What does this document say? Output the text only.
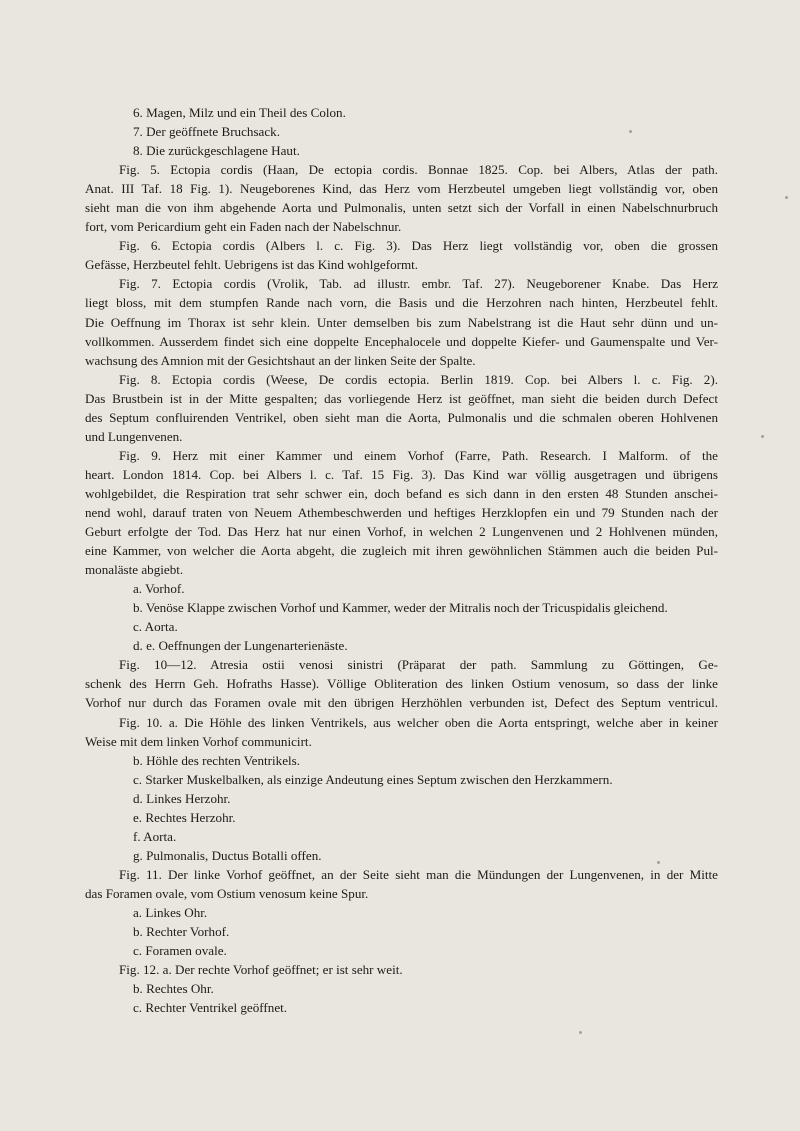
6. Magen, Milz und ein Theil des Colon.
7. Der geöffnete Bruchsack.
8. Die zurückgeschlagene Haut.
Fig. 5. Ectopia cordis (Haan, De ectopia cordis. Bonnae 1825. Cop. bei Albers, Atlas der path.
Anat. III Taf. 18 Fig. 1). Neugeborenes Kind, das Herz vom Herzbeutel umgeben liegt vollständig vor, oben
sieht man die von ihm abgehende Aorta und Pulmonalis, unten setzt sich der Vorfall in einen Nabelschnurbruch
fort, vom Pericardium geht ein Faden nach der Nabelschnur.
Fig. 6. Ectopia cordis (Albers l. c. Fig. 3). Das Herz liegt vollständig vor, oben die grossen
Gefässe, Herzbeutel fehlt. Uebrigens ist das Kind wohlgeformt.
Fig. 7. Ectopia cordis (Vrolik, Tab. ad illustr. embr. Taf. 27). Neugeborener Knabe. Das Herz
liegt bloss, mit dem stumpfen Rande nach vorn, die Basis und die Herzohren nach hinten, Herzbeutel fehlt.
Die Oeffnung im Thorax ist sehr klein. Unter demselben bis zum Nabelstrang ist die Haut sehr dünn und un-
vollkommen. Ausserdem findet sich eine doppelte Encephalocele und doppelte Kiefer- und Gaumenspalte und Ver-
wachsung des Amnion mit der Gesichtshaut an der linken Seite der Spalte.
Fig. 8. Ectopia cordis (Weese, De cordis ectopia. Berlin 1819. Cop. bei Albers l. c. Fig. 2).
Das Brustbein ist in der Mitte gespalten; das vorliegende Herz ist geöffnet, man sieht die beiden durch Defect
des Septum confluirenden Ventrikel, oben sieht man die Aorta, Pulmonalis und die schmalen oberen Hohlvenen
und Lungenvenen.
Fig. 9. Herz mit einer Kammer und einem Vorhof (Farre, Path. Research. I Malform. of the
heart. London 1814. Cop. bei Albers l. c. Taf. 15 Fig. 3). Das Kind war völlig ausgetragen und übrigens
wohlgebildet, die Respiration trat sehr schwer ein, doch befand es sich dann in den ersten 48 Stunden anschei-
nend wohl, darauf traten von Neuem Athembeschwerden und heftiges Herzklopfen ein und 79 Stunden nach der
Geburt erfolgte der Tod. Das Herz hat nur einen Vorhof, in welchen 2 Lungenvenen und 2 Hohlvenen münden,
eine Kammer, von welcher die Aorta abgeht, die zugleich mit ihren gewöhnlichen Stämmen auch die beiden Pul-
monaläste abgiebt.
a. Vorhof.
b. Venöse Klappe zwischen Vorhof und Kammer, weder der Mitralis noch der Tricuspidalis gleichend.
c. Aorta.
d. e. Oeffnungen der Lungenarterienäste.
Fig. 10—12. Atresia ostii venosi sinistri (Präparat der path. Sammlung zu Göttingen, Ge-
schenk des Herrn Geh. Hofraths Hasse). Völlige Obliteration des linken Ostium venosum, so dass der linke
Vorhof nur durch das Foramen ovale mit den übrigen Herzhöhlen verbunden ist, Defect des Septum ventricul.
Fig. 10. a. Die Höhle des linken Ventrikels, aus welcher oben die Aorta entspringt, welche aber in keiner
Weise mit dem linken Vorhof communicirt.
b. Höhle des rechten Ventrikels.
c. Starker Muskelbalken, als einzige Andeutung eines Septum zwischen den Herzkammern.
d. Linkes Herzohr.
e. Rechtes Herzohr.
f. Aorta.
g. Pulmonalis, Ductus Botalli offen.
Fig. 11. Der linke Vorhof geöffnet, an der Seite sieht man die Mündungen der Lungenvenen, in der Mitte
das Foramen ovale, vom Ostium venosum keine Spur.
a. Linkes Ohr.
b. Rechter Vorhof.
c. Foramen ovale.
Fig. 12. a. Der rechte Vorhof geöffnet; er ist sehr weit.
b. Rechtes Ohr.
c. Rechter Ventrikel geöffnet.
